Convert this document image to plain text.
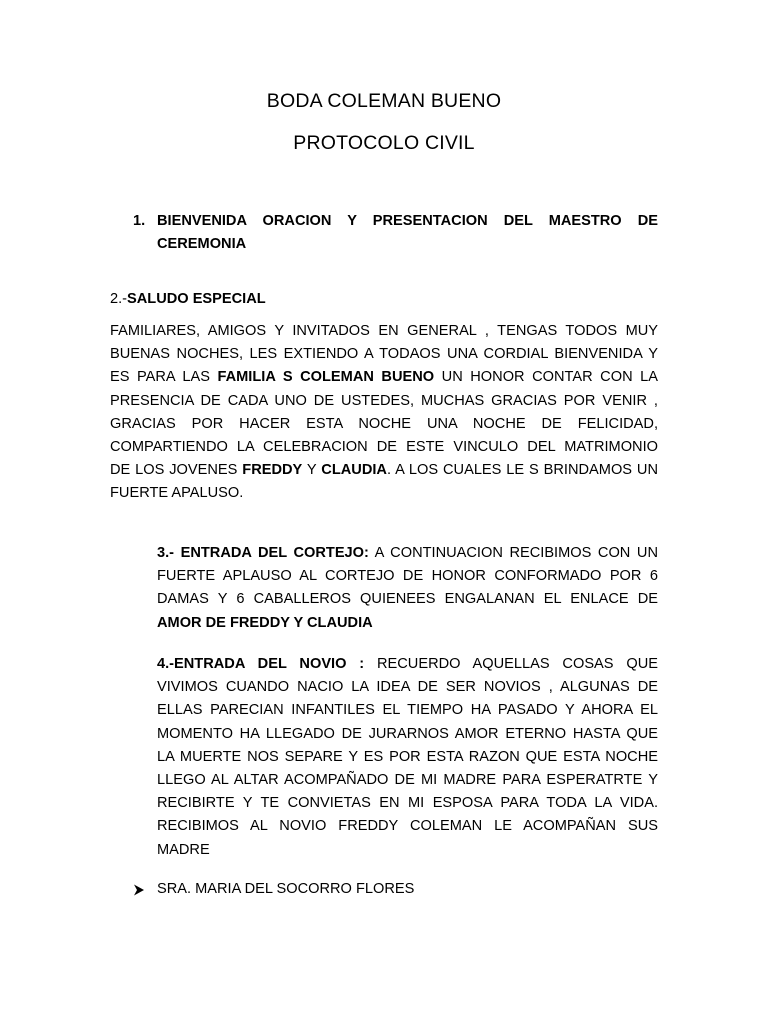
BODA COLEMAN BUENO
PROTOCOLO CIVIL
1. BIENVENIDA ORACION Y PRESENTACION DEL MAESTRO DE
CEREMONIA
2.-SALUDO ESPECIAL
FAMILIARES, AMIGOS Y INVITADOS EN GENERAL , TENGAS TODOS MUY
BUENAS NOCHES, LES EXTIENDO A TODAOS UNA CORDIAL BIENVENIDA Y
ES PARA LAS FAMILIA S COLEMAN BUENO UN HONOR CONTAR CON LA
PRESENCIA DE CADA UNO DE USTEDES, MUCHAS GRACIAS POR VENIR ,
GRACIAS POR HACER ESTA NOCHE UNA NOCHE DE FELICIDAD,
COMPARTIENDO LA CELEBRACION DE ESTE VINCULO DEL MATRIMONIO
DE LOS JOVENES FREDDY Y CLAUDIA. A LOS CUALES LE S BRINDAMOS UN
FUERTE APALUSO.
3.- ENTRADA DEL CORTEJO: A CONTINUACION RECIBIMOS CON UN
FUERTE APLAUSO AL CORTEJO DE HONOR CONFORMADO POR 6
DAMAS Y 6 CABALLEROS QUIENEES ENGALANAN EL ENLACE DE
AMOR DE FREDDY Y CLAUDIA
4.-ENTRADA DEL NOVIO : RECUERDO AQUELLAS COSAS QUE
VIVIMOS CUANDO NACIO LA IDEA DE SER NOVIOS , ALGUNAS DE
ELLAS PARECIAN INFANTILES EL TIEMPO HA PASADO Y AHORA EL
MOMENTO HA LLEGADO DE JURARNOS AMOR ETERNO HASTA QUE
LA MUERTE NOS SEPARE Y ES POR ESTA RAZON QUE ESTA NOCHE
LLEGO AL ALTAR ACOMPAÑADO DE MI MADRE PARA ESPERATRTE Y
RECIBIRTE Y TE CONVIETAS EN MI ESPOSA PARA TODA LA VIDA.
RECIBIMOS AL NOVIO FREDDY COLEMAN LE ACOMPAÑAN SUS
MADRE
SRA. MARIA DEL SOCORRO FLORES
